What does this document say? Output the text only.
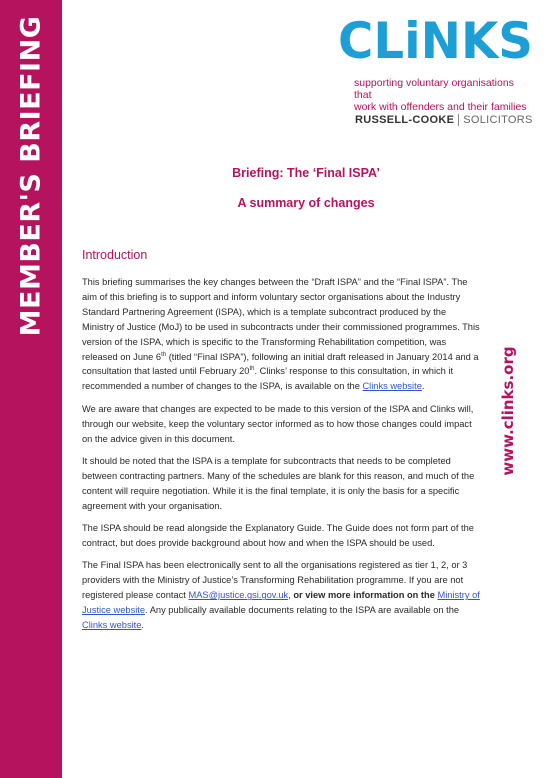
MEMBER'S BRIEFING	CLiNKS
supporting voluntary organisations that
work with offenders and their families
RUSSELL-COOKE SOLICITORS
www.clinks.org
Briefing: The ‘Final ISPA’
A summary of changes
Introduction

This briefing summarises the key changes between the “Draft ISPA” and the “Final ISPA”. The aim of this briefing is to support and inform voluntary sector organisations about the Industry Standard Partnering Agreement (ISPA), which is a template subcontract produced by the Ministry of Justice (MoJ) to be used in subcontracts under their commissioned programmes. This version of the ISPA, which is specific to the Transforming Rehabilitation competition, was released on June 6th (titled “Final ISPA”), following an initial draft released in January 2014 and a consultation that lasted until February 20th. Clinks’ response to this consultation, in which it recommended a number of changes to the ISPA, is available on the Clinks website.

We are aware that changes are expected to be made to this version of the ISPA and Clinks will, through our website, keep the voluntary sector informed as to how those changes could impact on the advice given in this document.

It should be noted that the ISPA is a template for subcontracts that needs to be completed between contracting partners. Many of the schedules are blank for this reason, and much of the content will require negotiation. While it is the final template, it is only the basis for a specific agreement with your organisation.

The ISPA should be read alongside the Explanatory Guide. The Guide does not form part of the contract, but does provide background about how and when the ISPA should be used.

The Final ISPA has been electronically sent to all the organisations registered as tier 1, 2, or 3 providers with the Ministry of Justice’s Transforming Rehabilitation programme. If you are not registered please contact MAS@justice.gsi.gov.uk, or view more information on the Ministry of Justice website. Any publically available documents relating to the ISPA are available on the Clinks website.
